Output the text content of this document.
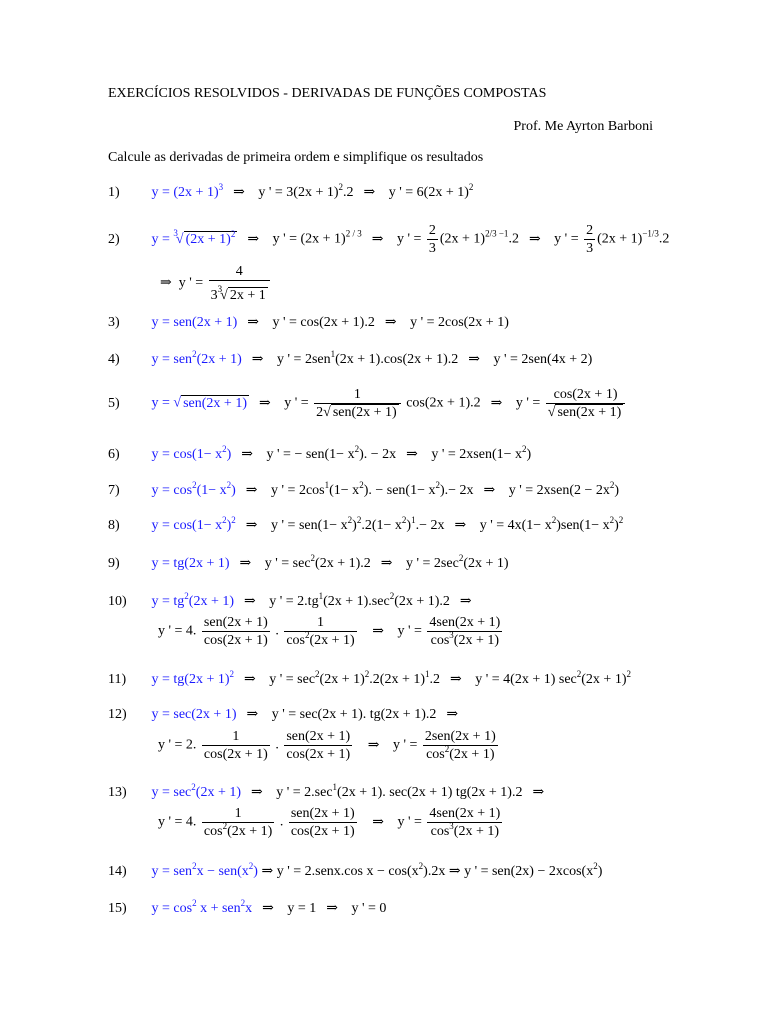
EXERCÍCIOS RESOLVIDOS - DERIVADAS DE FUNÇÕES COMPOSTAS
Prof. Me Ayrton Barboni
Calcule as derivadas de primeira ordem e simplifique os resultados
1) $y = (2x + 1)^3$ ⇒ y ' = $3(2x + 1)^2.2$ ⇒ y ' = $6(2x + 1)^2$
2) y = $^3$√ $(2x + 1)^2$ ⇒ y ' = $(2x + 1)^{2 / 3}$ ⇒ y ' = $\frac{2}{3} (2x + 1)^{2/3 -1}.2$ ⇒ y ' = $\frac{2}{3} (2x + 1)^{-1/3}.2$
⇒  y ' = $\frac{4}{3^3√ 2x + 1}$
3) y = sen(2x + 1) ⇒ y ' = cos(2x + 1).2 ⇒ y ' = 2cos(2x + 1)
4) y = sen$^2$(2x + 1) ⇒ y ' = 2sen$^1$(2x + 1).cos(2x + 1).2 ⇒ y ' = 2sen(4x + 2)
5) y = √ sen(2x + 1) ⇒ y ' =
1
2√ sen(2x + 1)
cos(2x + 1).2 ⇒ y ' =
cos(2x + 1)
√ sen(2x + 1)
6) $y = \cos(1- x^2)$ ⇒ y ' = − $sen(1- x^2)$. − 2x ⇒ y ' = 2xsen(1− $x^2$)
7) $y = \cos^2(1- x^2)$ ⇒ y ' = $2\cos^1(1- x^2)$. − $sen(1- x^2).- 2x$ ⇒ y ' = 2xsen(2 − $2x^2$)
8) $y = \cos(1- x^2)^2$ ⇒ y ' = $sen(1- x^2)^2.2(1- x^2)^1.- 2x$ ⇒ y ' = $4x(1- x^2)sen(1- x^2)^2$
9) y = tg(2x + 1) ⇒ y ' = $\sec^2(2x + 1).2$ ⇒ y ' = $2\sec^2(2x + 1)$
10) $y = tg^2(2x + 1)$ ⇒ y ' = $2.tg^1(2x + 1).\sec^2(2x + 1).2$ ⇒
y ' = 4.
sen(2x + 1)
cos(2x + 1)
. $\frac{1}{\cos^2(2x + 1)}$ ⇒ y ' =
4sen(2x + 1)
$\cos^3(2x + 1)$
11) $y = tg(2x + 1)^2$ ⇒ y ' = $\sec^2(2x + 1)^2.2(2x + 1)^1.2$ ⇒ y ' = 4(2x + 1) $\sec^2(2x + 1)^2$
12) y = sec(2x + 1) ⇒ y ' = sec(2x + 1). tg(2x + 1).2 ⇒
y ' = 2. $\frac{1}{\cos(2x + 1)}$ .
sen(2x + 1)
cos(2x + 1)
⇒ y ' =
2sen(2x + 1)
$\cos^2(2x + 1)$
13) $y = \sec^2(2x + 1)$ ⇒ y ' = $2.\sec^1(2x + 1)$. sec(2x + 1) tg(2x + 1).2 ⇒
y ' = 4. $\frac{1}{\cos^2(2x + 1)}$ .
sen(2x + 1)
cos(2x + 1)
⇒ y ' =
4sen(2x + 1)
$\cos^3(2x + 1)$
14) $y = sen^2x - sen(x^2)$ ⇒ y ' = 2.senx.cos $x - \cos(x^2).2x$ ⇒ y ' = $sen(2x) - 2xcos(x^2)$
15) $y = \cos^2 x + sen^2x$ ⇒ y = 1 ⇒ y ' = 0
